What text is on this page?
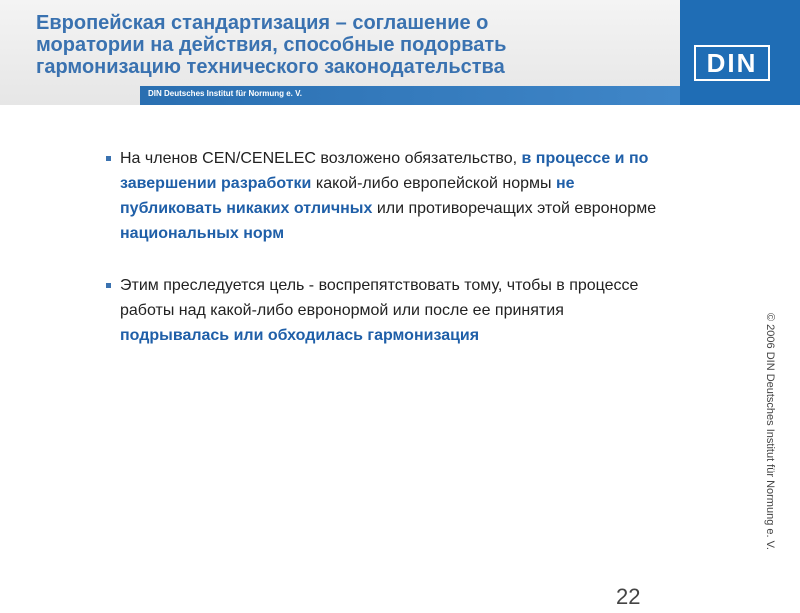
Европейская стандартизация – соглашение о
моратории на действия, способные подорвать
гармонизацию технического законодательства
DIN Deutsches Institut für Normung e. V.
DIN
На членов CEN/CENELEC возложено обязательство, в процессе и по завершении разработки какой-либо европейской нормы не публиковать никаких отличных или противоречащих этой евронорме национальных норм
Этим преследуется цель - воспрепятствовать тому, чтобы в процессе работы над какой-либо евронормой или после ее принятия подрывалась или обходилась гармонизация	© 2006 DIN Deutsches Institut für Normung e. V.
22
